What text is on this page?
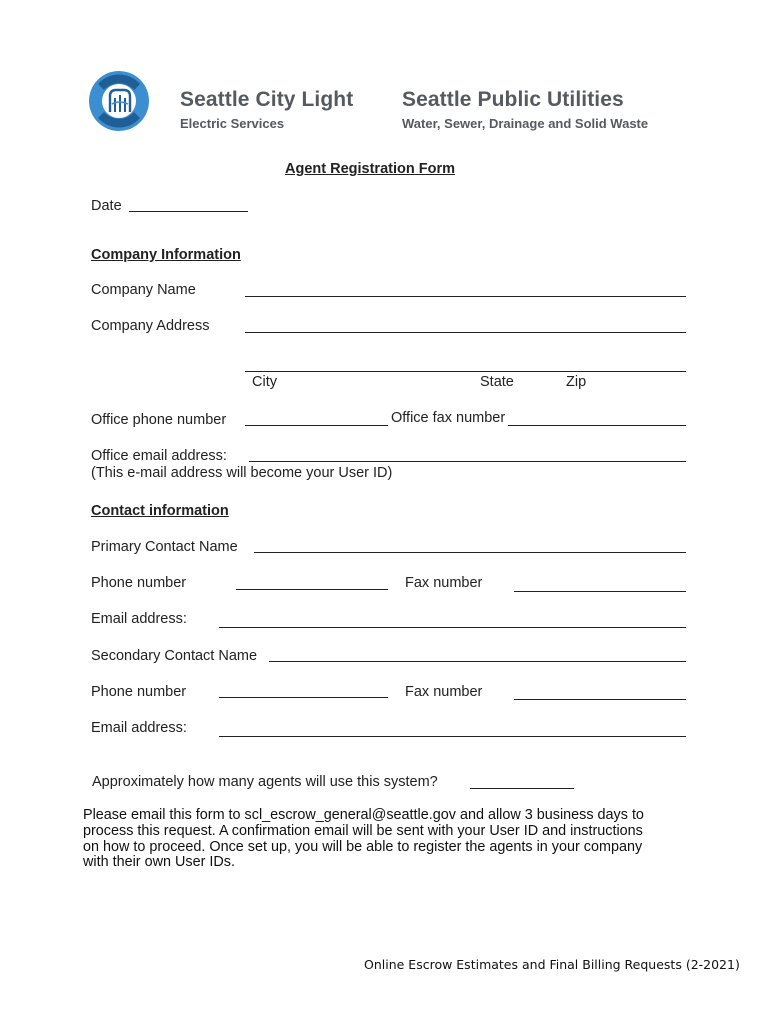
Seattle City Light
Electric Services
Seattle Public Utilities
Water, Sewer, Drainage and Solid Waste
Agent Registration Form
Date
Company Information
Company Name
Company Address
City	State	Zip
Office phone number	Office fax number
Office email address:
(This e-mail address will become your User ID)
Contact information
Primary Contact Name
Phone number	Fax number
Email address:
Secondary Contact Name
Phone number	Fax number
Email address:
Approximately how many agents will use this system?
Please email this form to scl_escrow_general@seattle.gov and allow 3 business days to
process this request. A confirmation email will be sent with your User ID and instructions
on how to proceed. Once set up, you will be able to register the agents in your company
with their own User IDs.
Online Escrow Estimates and Final Billing Requests (2-2021)
